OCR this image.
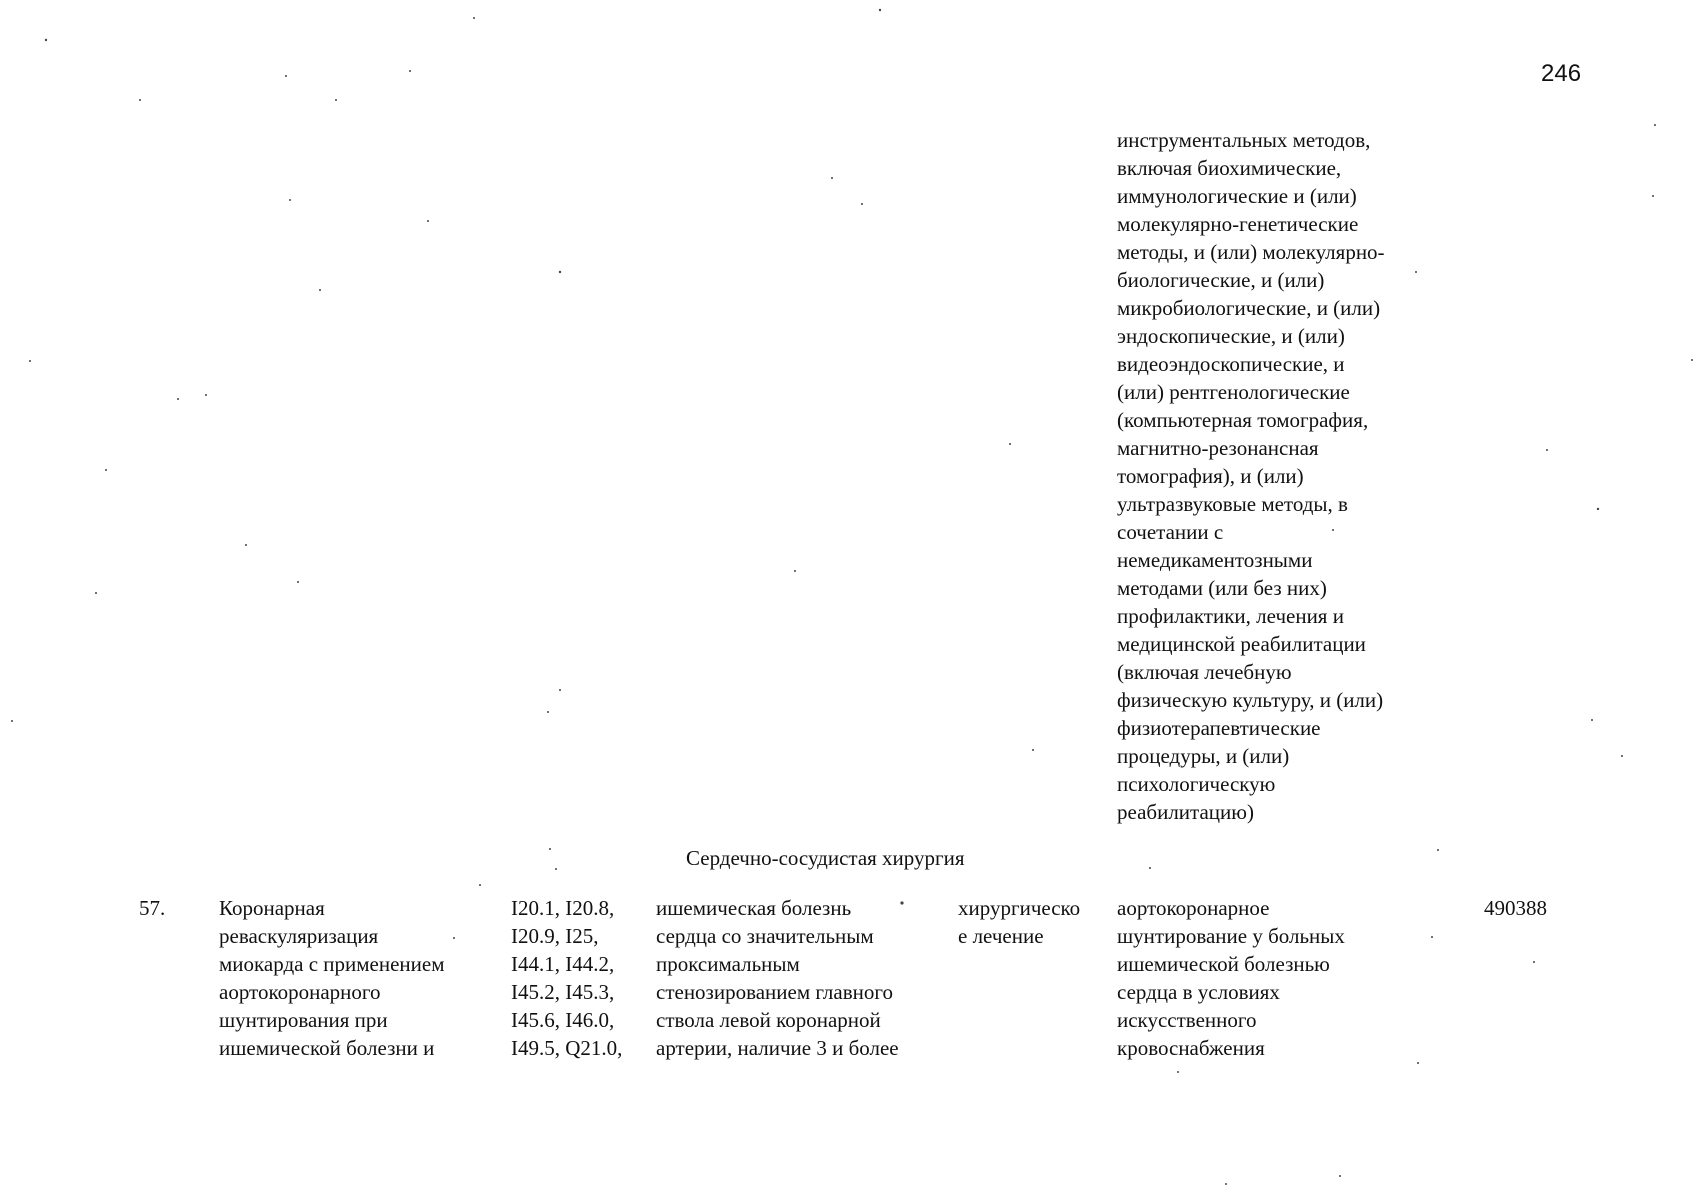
246
инструментальных методов,
включая биохимические,
иммунологические и (или)
молекулярно-генетические
методы, и (или) молекулярно-
биологические, и (или)
микробиологические, и (или)
эндоскопические, и (или)
видеоэндоскопические, и
(или) рентгенологические
(компьютерная томография,
магнитно-резонансная
томография), и (или)
ультразвуковые методы, в
сочетании с
немедикаментозными
методами (или без них)
профилактики, лечения и
медицинской реабилитации
(включая лечебную
физическую культуру, и (или)
физиотерапевтические
процедуры, и (или)
психологическую
реабилитацию)
Сердечно-сосудистая хирургия
57.	Коронарная
реваскуляризация
миокарда с применением
аортокоронарного
шунтирования при
ишемической болезни и
I20.1, I20.8,
I20.9, I25,
I44.1, I44.2,
I45.2, I45.3,
I45.6, I46.0,
I49.5, Q21.0,
ишемическая болезнь
сердца со значительным
проксимальным
стенозированием главного
ствола левой коронарной
артерии, наличие 3 и более
хирургическо
е лечение
аортокоронарное
шунтирование у больных
ишемической болезнью
сердца в условиях
искусственного
кровоснабжения
490388
